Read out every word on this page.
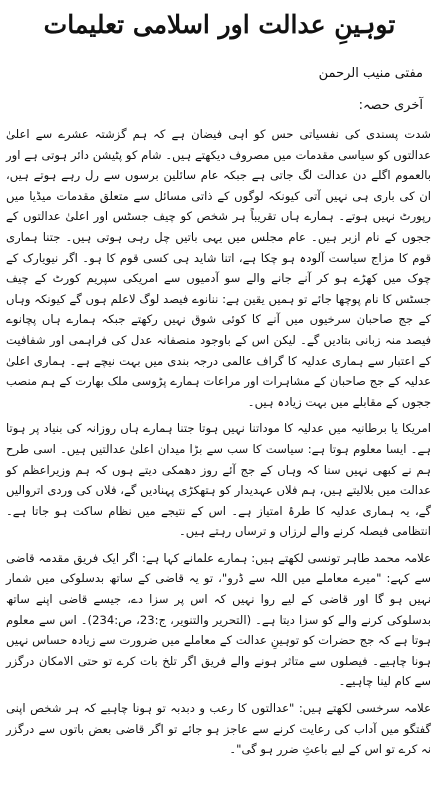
توہینِ عدالت اور اسلامی تعلیمات

مفتی منیب الرحمن

آخری حصہ:

شدت پسندی کی نفسیاتی حس کو اہی فیضان ہے کہ ہم گزشتہ عشرے سے اعلیٰ عدالتوں کو سیاسی مقدمات میں مصروف دیکھتے ہیں۔ شام کو پٹیشن دائر ہوتی ہے اور بالعموم اگلے دن عدالت لگ جاتی ہے جبکہ عام سائلین برسوں سے رل رہے ہوتے ہیں، ان کی باری ہی نہیں آتی کیونکہ لوگوں کے ذاتی مسائل سے متعلق مقدمات میڈیا میں رپورٹ نہیں ہوتے۔ ہمارے ہاں تقریباً ہر شخص کو چیف جسٹس اور اعلیٰ عدالتوں کے ججوں کے نام ازبر ہیں۔ عام مجلس میں یہی باتیں چل رہی ہوتی ہیں۔ جتنا ہماری قوم کا مزاج سیاست آلودہ ہو چکا ہے، اتنا شاید ہی کسی قوم کا ہو۔ اگر نیویارک کے چوک میں کھڑے ہو کر آنے جانے والے سو آدمیوں سے امریکی سپریم کورٹ کے چیف جسٹس کا نام پوچھا جائے تو ہمیں یقین ہے: ننانوے فیصد لوگ لاعلم ہوں گے کیونکہ وہاں کے جج صاحبان سرخیوں میں آنے کا کوئی شوق نہیں رکھتے جبکہ ہمارے ہاں پچانوے فیصد منہ زبانی بتادیں گے۔ لیکن اس کے باوجود منصفانہ عدل کی فراہمی اور شفافیت کے اعتبار سے ہماری عدلیہ کا گراف عالمی درجہ بندی میں بہت نیچے ہے۔ ہماری اعلیٰ عدلیہ کے جج صاحبان کے مشاہرات اور مراعات ہمارے پڑوسی ملک بھارت کے ہم منصب ججوں کے مقابلے میں بہت زیادہ ہیں۔

امریکا یا برطانیہ میں عدلیہ کا موداتنا نہیں ہوتا جتنا ہمارے ہاں روزانہ کی بنیاد پر ہوتا ہے۔ ایسا معلوم ہوتا ہے: سیاست کا سب سے بڑا میدان اعلیٰ عدالتیں ہیں۔ اسی طرح ہم نے کبھی نہیں سنا کہ وہاں کے جج آئے روز دھمکی دیتے ہوں کہ ہم وزیراعظم کو عدالت میں بلالیتے ہیں، ہم فلاں عہدیدار کو ہتھکڑی پہنادیں گے، فلاں کی وردی اتروالیں گے، یہ ہماری عدلیہ کا طرۂ امتیاز ہے۔ اس کے نتیجے میں نظام ساکت ہو جاتا ہے۔ انتظامی فیصلہ کرنے والے لرزاں و ترساں رہتے ہیں۔

علامہ محمد طاہر تونسی لکھتے ہیں: ہمارے علمانے کہا ہے: اگر ایک فریق مقدمہ قاضی سے کہے: "میرے معاملے میں اللہ سے ڈرو"، تو یہ قاضی کے ساتھ بدسلوکی میں شمار نہیں ہو گا اور قاضی کے لیے روا نہیں کہ اس پر سزا دے، جیسے قاضی اپنے ساتھ بدسلوکی کرنے والے کو سزا دیتا ہے۔ (التحریر والتنویر، ج:23، ص:234)۔ اس سے معلوم ہوتا ہے کہ جج حضرات کو توہینِ عدالت کے معاملے میں ضرورت سے زیادہ حساس نہیں ہونا چاہیے۔ فیصلوں سے متاثر ہونے والے فریق اگر تلخ بات کرے تو حتی الامکان درگزر سے کام لینا چاہیے۔

علامہ سرخسی لکھتے ہیں: "عدالتوں کا رعب و دبدبہ تو ہونا چاہیے کہ ہر شخص اپنی گفتگو میں آداب کی رعایت کرنے سے عاجز ہو جائے تو اگر قاضی بعض باتوں سے درگزر نہ کرے تو اس کے لیے باعثِ ضرر ہو گی"۔
